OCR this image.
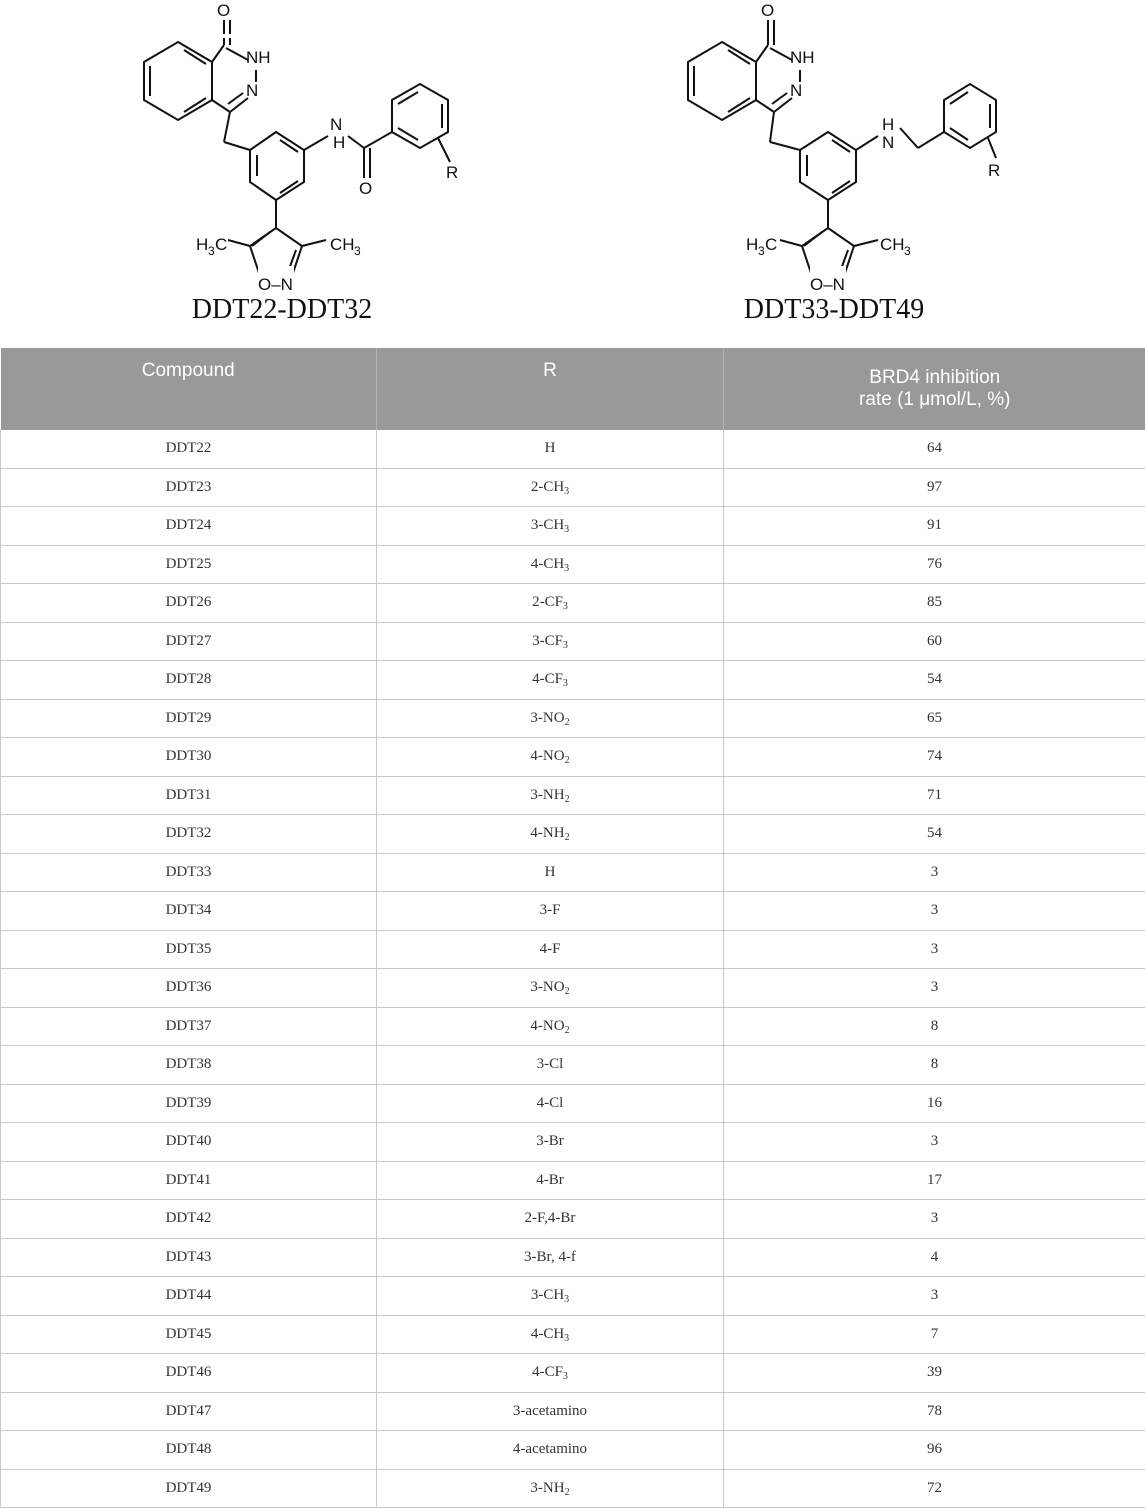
O
NH
N
N
H
O
R
H 3 C	CH 3
O–N
DDT22-DDT32
O
NH
N
H
N
R
H 3 C	CH 3
O–N
DDT33-DDT49
Compound	R	BRD4 inhibition
rate (1 μmol/L, %)

DDT22	H	64
DDT23	$2-CH_3$	97
DDT24	$3-CH_3$	91
DDT25	$4-CH_3$	76
DDT26	$2-CF_3$	85
DDT27	$3-CF_3$	60
DDT28	$4-CF_3$	54
DDT29	$3-NO_2$	65
DDT30	$4-NO_2$	74
DDT31	$3-NH_2$	71
DDT32	$4-NH_2$	54
DDT33	H	3
DDT34	3-F	3
DDT35	4-F	3
DDT36	$3-NO_2$	3
DDT37	$4-NO_2$	8
DDT38	3-Cl	8
DDT39	4-Cl	16
DDT40	3-Br	3
DDT41	4-Br	17
DDT42	2-F,4-Br	3
DDT43	3-Br, 4-f	4
DDT44	$3-CH_3$	3
DDT45	$4-CH_3$	7
DDT46	$4-CF_3$	39
DDT47	3-acetamino	78
DDT48	4-acetamino	96
DDT49	$3-NH_2$	72
